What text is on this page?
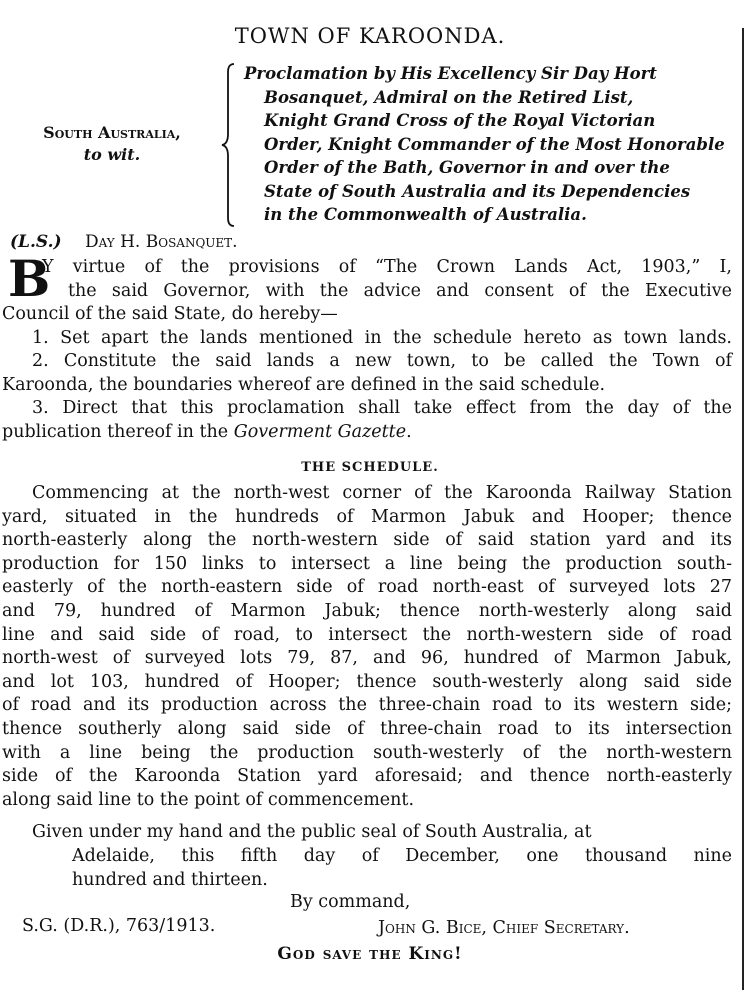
TOWN OF KAROONDA.
South Australia,
to wit.
Proclamation by His Excellency Sir Day Hort
Bosanquet, Admiral on the Retired List,
Knight Grand Cross of the Royal Victorian
Order, Knight Commander of the Most Honorable
Order of the Bath, Governor in and over the
State of South Australia and its Dependencies
in the Commonwealth of Australia.
(L.S.) Day H. Bosanquet.
B
Y virtue of the provisions of “The Crown Lands Act, 1903,” I,
the said Governor, with the advice and consent of the Executive
Council of the said State, do hereby—
1. Set apart the lands mentioned in the schedule hereto as town lands.
2. Constitute the said lands a new town, to be called the Town of
Karoonda, the boundaries whereof are defined in the said schedule.
3. Direct that this proclamation shall take effect from the day of the
publication thereof in the Goverment Gazette.
THE SCHEDULE.
Commencing at the north-west corner of the Karoonda Railway Station
yard, situated in the hundreds of Marmon Jabuk and Hooper; thence
north-easterly along the north-western side of said station yard and its
production for 150 links to intersect a line being the production south-
easterly of the north-eastern side of road north-east of surveyed lots 27
and 79, hundred of Marmon Jabuk; thence north-westerly along said
line and said side of road, to intersect the north-western side of road
north-west of surveyed lots 79, 87, and 96, hundred of Marmon Jabuk,
and lot 103, hundred of Hooper; thence south-westerly along said side
of road and its production across the three-chain road to its western side;
thence southerly along said side of three-chain road to its intersection
with a line being the production south-westerly of the north-western
side of the Karoonda Station yard aforesaid; and thence north-easterly
along said line to the point of commencement.
Given under my hand and the public seal of South Australia, at
Adelaide, this fifth day of December, one thousand nine
hundred and thirteen.
By command,
S.G. (D.R.), 763/1913.	John G. Bice, Chief Secretary.
God save the King!
